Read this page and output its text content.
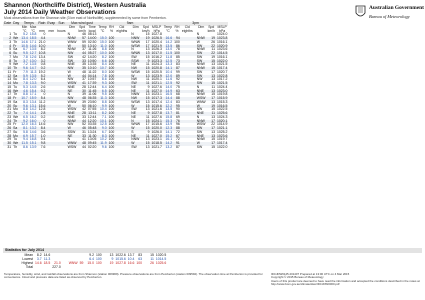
Shannon (Northcliffe District), Western Australia
July 2014 Daily Weather Observations
Most observations from the Shannon site (3 km east of Northcliffe), supplemented by some from Pemberton.
Australian Government
Bureau of Meteorology
Date	Day	Temps		Rain	Evap	Sun	Max wind gust			9am							3pm						
		Min	Max				Dirn	Spd	Time	Temp	RH	Cld		Dirn	Spd	MSLP	Temp	RH	Cld		Dirn	Spd	MSLP
		°C	°C	mm	mm	hours		km/h	local	°C	%	eighths			km/h	hPa	°C	%	eighths			km/h	hPa
1	Tu	5.2	15.8	0			N	46	08:13					N	15	1027.8					N		1024.0
2	We	13.4	18.5	4.4			NNW	57	14:00	15.0	100			NNW	19	1026.5	16.6	94			NNW	19	1023.8
3	Th	14.6	17.1	21.0			WNW	59	02:30	15.0	100			WNW	17	1020.4	14.2	100			W	26	1016.1
4	Fr	10.5	14.6	10.0			W	50	13:10	11.0	100			WSW	17	1021.9	13.5	86			SW	22	1020.9
5	Sa	6.7	13.5	8.2			NNW	37	11:26	8.8	100			N	13	1026.3	13.0	78			NNW	11	1023.6
6	Su	9.5	12.7	10.8			NW	44	05:27	10.0	100			WNW	13	1017.0	11.5	100			SW	22	1014.5
7	Mo	7.8	12.6	13.4			SW	42	14:20	8.2	100			SW	15	1016.2	11.8	85			SW	19	1016.1
8	Tu	3.7	13.0	3.2			SW	33	10:50	6.6	100			SSW	9	1023.3	12.5	73			SW	15	1022.0
9	We	7.2	13.5	0.8			NNE	35	13:35	8.4	100			NE	11	1024.3	13.3	83			NNW	13	1021.5
10	Th	9.6	14.7	0.2			NW	35	10:10	10.7	100			NW	15	1020.8	14.1	87			NNW	15	1017.4
11	Fr	7.9	11.3	19.2			W	48	11:22	8.0	100			WSW	15	1020.5	10.4	99			SW	17	1020.7
12	Sa	5.9	13.5	5.2			W	44	04:14	7.8	100			W	13	1023.9	12.0	89			SW	13	1022.8
13	Su	8.4	12.0	6.4			NW	37	10:57	8.6	100			NW	11	1020.1	11.6	92			NW	13	1017.2
14	Mo	7.8	13.3	9.0			WSW	41	17:39	9.3	100			SW	11	1021.1	12.5	92			SW	15	1021.5
15	Tu	5.3	14.5	2.6			NNE	28	12:44	6.4	100			NE	9	1027.6	14.0	75			N	11	1024.4
16	We	4.6	15.4	0.2			NE	30	11:45	6.5	100			NE	11	1027.0	14.9	63			NNE	13	1023.0
17	Th	8.8	17.1	0			N	39	11:06	9.5	100			NNW	13	1023.1	16.5	68			NNW	15	1019.8
18	Fr	10.7	15.9	5.4			NW	48	06:35	11.3	100			NW	15	1017.3	14.4	88			WSW	17	1015.9
19	Sa	8.3	13.4	11.2			WNW	39	23:50	8.8	100			WSW	13	1017.4	12.4	83			WNW	13	1015.3
20	Su	9.6	13.1	15.6			W	50	06:10	9.9	100			W	15	1015.6	12.2	95			W	19	1016.5
21	Mo	8.8	14.2	12.8			WSW	42	07:55	10.4	100			SW	13	1021.6	13.5	90			SW	15	1022.5
22	Tu	7.4	14.1	2.8			NNE	28	13:11	8.2	100			NE	9	1027.8	13.7	81			NNE	11	1025.6
23	We	6.5	16.2	0.2			NNE	33	12:44	7.1	100			NE	11	1027.6	15.8	69			N	13	1024.3
24	Th	9.2	16.0	0			NNW	44	12:20	10.1	100			N	15	1024.1	15.3	76			NNW	17	1020.1
25	Fr	12.0	16.3	14.6			NW	52	03:35	12.5	100			WNW	17	1015.6	13.9	96			WSW	22	1014.9
26	Sa	8.1	13.2	8.4			W	46	05:48	9.0	100			W	15	1020.0	12.3	88			SW	17	1021.1
27	Su	5.8	14.6	3.6			SSW	31	13:24	6.7	100			S	9	1026.0	14.1	72			SW	13	1025.2
28	Mo	6.9	15.7	1.0			NE	33	11:30	8.3	100			NE	11	1027.0	15.2	67			NNE	13	1023.6
29	Tu	9.4	16.8	0.4			N	41	13:05	10.2	100			NNW	13	1023.1	16.1	72			NNW	15	1019.7
30	We	11.5	15.1	9.8			WNW	48	09:45	11.9	100			W	15	1018.5	14.2	91			W	17	1017.4
31	Th	8.6	13.9	7.6			WSW	44	02:20	9.6	100			SW	13	1021.7	13.2	87			SW	15	1022.0
Statistics for July 2014
Mean	8.2	14.6								9.2	100				13	1022.6	13.7	83				15	1020.5
Lowest	3.7	11.3								6.4	100				9	1015.6	10.4	63				11	1014.5
Highest	14.6	18.5	21.0				WNW	59		15.0	100				19	1027.8	16.6	100				26	1025.6
Total			227.0																				
Temperature, humidity, wind, and rainfall observations are from Shannon (station 009969). Pressure observations are from Pemberton (station 009592). The observation time at Pemberton is provided for convenience. Cloud and pressure data are listed as observed by Pemberton.
IDCJDW6125.201407 Prepared at 13:00 UTC on 4 Mar 2015
Copyright © 2015 Bureau of Meteorology
Users of this product are deemed to have read the information and accepted the conditions described in the notes at http://www.bom.gov.au/climate/dwo/IDCJDW0000.pdf
